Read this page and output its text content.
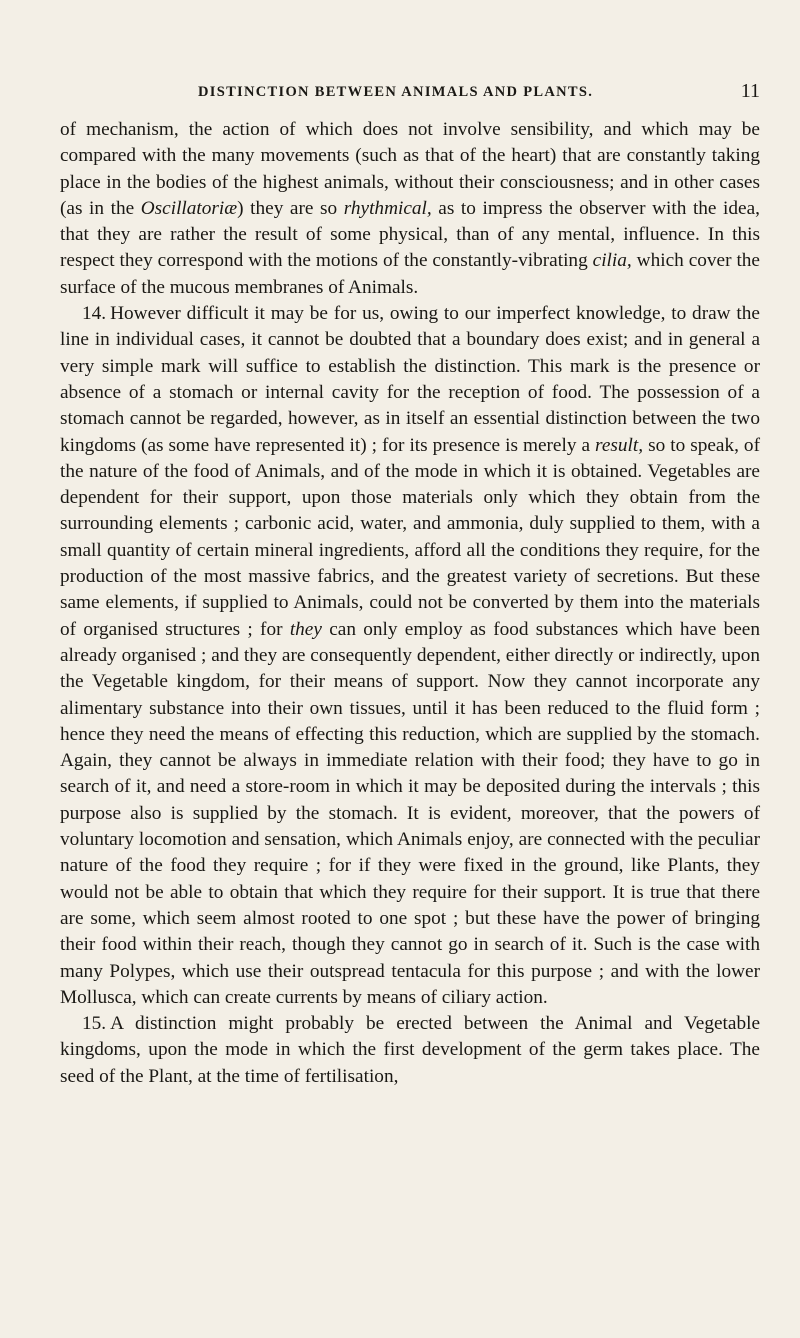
DISTINCTION BETWEEN ANIMALS AND PLANTS.	11

of mechanism, the action of which does not involve sensibility, and which may be compared with the many movements (such as that of the heart) that are constantly taking place in the bodies of the highest animals, without their consciousness; and in other cases (as in the Oscillatoriæ) they are so rhythmical, as to impress the observer with the idea, that they are rather the result of some physical, than of any mental, influence. In this respect they correspond with the motions of the constantly-vibrating cilia, which cover the surface of the mucous membranes of Animals.

14. However difficult it may be for us, owing to our imperfect knowledge, to draw the line in individual cases, it cannot be doubted that a boundary does exist; and in general a very simple mark will suffice to establish the distinction. This mark is the presence or absence of a stomach or internal cavity for the reception of food. The possession of a stomach cannot be regarded, however, as in itself an essential distinction between the two kingdoms (as some have represented it) ; for its presence is merely a result, so to speak, of the nature of the food of Animals, and of the mode in which it is obtained. Vegetables are dependent for their support, upon those materials only which they obtain from the surrounding elements ; carbonic acid, water, and ammonia, duly supplied to them, with a small quantity of certain mineral ingredients, afford all the conditions they require, for the production of the most massive fabrics, and the greatest variety of secretions. But these same elements, if supplied to Animals, could not be converted by them into the materials of organised structures ; for they can only employ as food substances which have been already organised ; and they are consequently dependent, either directly or indirectly, upon the Vegetable kingdom, for their means of support. Now they cannot incorporate any alimentary substance into their own tissues, until it has been reduced to the fluid form ; hence they need the means of effecting this reduction, which are supplied by the stomach. Again, they cannot be always in immediate relation with their food; they have to go in search of it, and need a store-room in which it may be deposited during the intervals ; this purpose also is supplied by the stomach. It is evident, moreover, that the powers of voluntary locomotion and sensation, which Animals enjoy, are connected with the peculiar nature of the food they require ; for if they were fixed in the ground, like Plants, they would not be able to obtain that which they require for their support. It is true that there are some, which seem almost rooted to one spot ; but these have the power of bringing their food within their reach, though they cannot go in search of it. Such is the case with many Polypes, which use their outspread tentacula for this purpose ; and with the lower Mollusca, which can create currents by means of ciliary action.

15. A distinction might probably be erected between the Animal and Vegetable kingdoms, upon the mode in which the first development of the germ takes place. The seed of the Plant, at the time of fertilisation,
